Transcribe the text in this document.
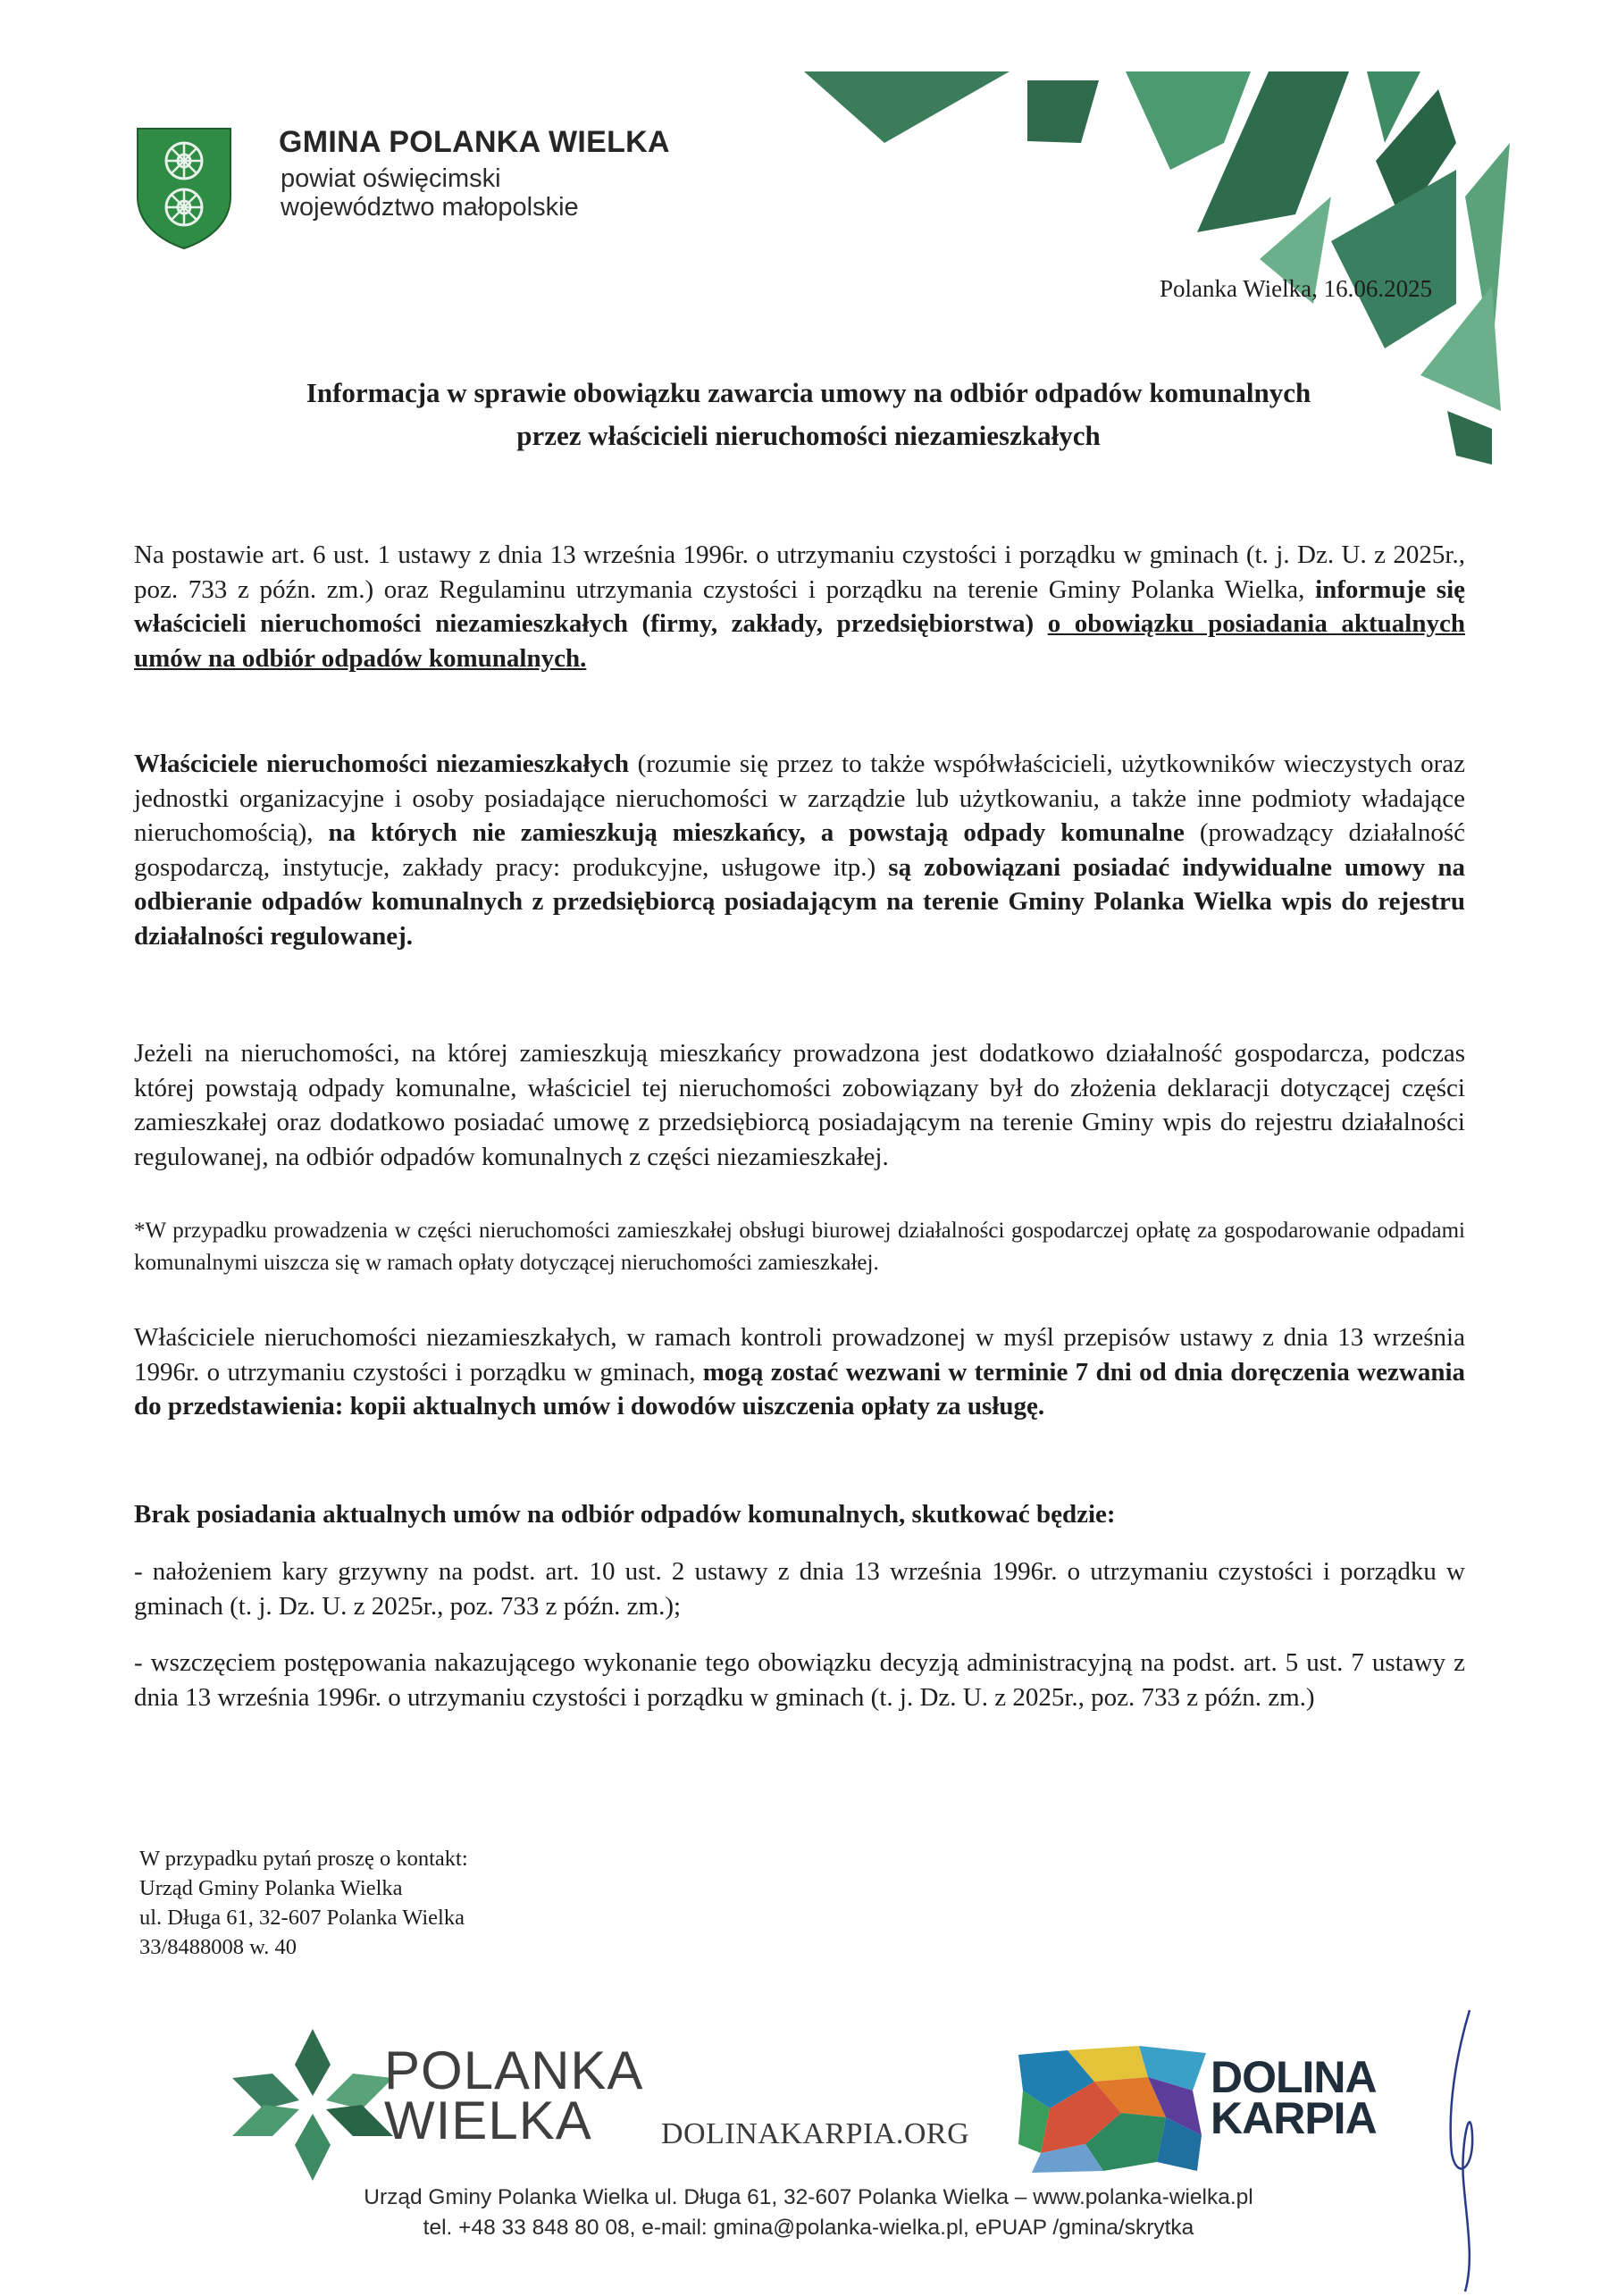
GMINA POLANKA WIELKA
powiat oświęcimski
województwo małopolskie
Polanka Wielka, 16.06.2025
Informacja w sprawie obowiązku zawarcia umowy na odbiór odpadów komunalnych
przez właścicieli nieruchomości niezamieszkałych

Na postawie art. 6 ust. 1 ustawy z dnia 13 września 1996r. o utrzymaniu czystości i porządku w gminach (t. j. Dz. U. z 2025r., poz. 733 z późn. zm.) oraz Regulaminu utrzymania czystości i porządku na terenie Gminy Polanka Wielka, informuje się właścicieli nieruchomości niezamieszkałych (firmy, zakłady, przedsiębiorstwa) o obowiązku posiadania aktualnych umów na odbiór odpadów komunalnych.

Właściciele nieruchomości niezamieszkałych (rozumie się przez to także współwłaścicieli, użytkowników wieczystych oraz jednostki organizacyjne i osoby posiadające nieruchomości w zarządzie lub użytkowaniu, a także inne podmioty władające nieruchomością), na których nie zamieszkują mieszkańcy, a powstają odpady komunalne (prowadzący działalność gospodarczą, instytucje, zakłady pracy: produkcyjne, usługowe itp.) są zobowiązani posiadać indywidualne umowy na odbieranie odpadów komunalnych z przedsiębiorcą posiadającym na terenie Gminy Polanka Wielka wpis do rejestru działalności regulowanej.

Jeżeli na nieruchomości, na której zamieszkują mieszkańcy prowadzona jest dodatkowo działalność gospodarcza, podczas której powstają odpady komunalne, właściciel tej nieruchomości zobowiązany był do złożenia deklaracji dotyczącej części zamieszkałej oraz dodatkowo posiadać umowę z przedsiębiorcą posiadającym na terenie Gminy wpis do rejestru działalności regulowanej, na odbiór odpadów komunalnych z części niezamieszkałej.

*W przypadku prowadzenia w części nieruchomości zamieszkałej obsługi biurowej działalności gospodarczej opłatę za gospodarowanie odpadami komunalnymi uiszcza się w ramach opłaty dotyczącej nieruchomości zamieszkałej.

Właściciele nieruchomości niezamieszkałych, w ramach kontroli prowadzonej w myśl przepisów ustawy z dnia 13 września 1996r. o utrzymaniu czystości i porządku w gminach, mogą zostać wezwani w terminie 7 dni od dnia doręczenia wezwania do przedstawienia: kopii aktualnych umów i dowodów uiszczenia opłaty za usługę.

Brak posiadania aktualnych umów na odbiór odpadów komunalnych, skutkować będzie:

- nałożeniem kary grzywny na podst. art. 10 ust. 2 ustawy z dnia 13 września 1996r. o utrzymaniu czystości i porządku w gminach (t. j. Dz. U. z 2025r., poz. 733 z późn. zm.);

- wszczęciem postępowania nakazującego wykonanie tego obowiązku decyzją administracyjną na podst. art. 5 ust. 7 ustawy z dnia 13 września 1996r. o utrzymaniu czystości i porządku w gminach (t. j. Dz. U. z 2025r., poz. 733 z późn. zm.)

W przypadku pytań proszę o kontakt:
Urząd Gminy Polanka Wielka
ul. Długa 61, 32-607 Polanka Wielka
33/8488008 w. 40
POLANKA
WIELKA	DOLINAKARPIA.ORG
DOLINA
KARPIA
Urząd Gminy Polanka Wielka ul. Długa 61, 32-607 Polanka Wielka – www.polanka-wielka.pl
tel. +48 33 848 80 08, e-mail: gmina@polanka-wielka.pl, ePUAP /gmina/skrytka
